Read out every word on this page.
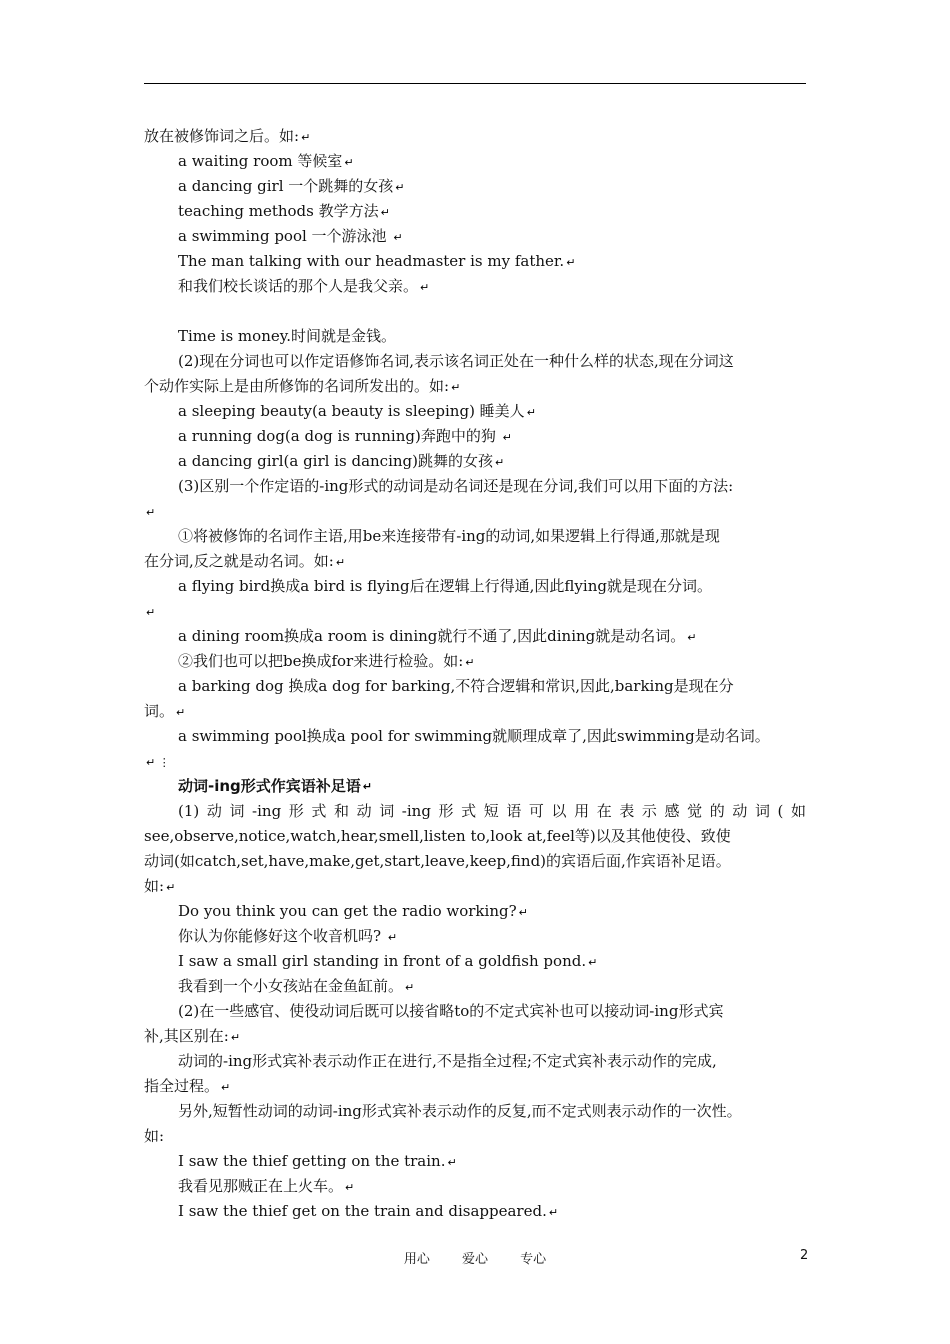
放在被修饰词之后。如: ↵
a waiting room 等候室 ↵
a dancing girl 一个跳舞的女孩 ↵
teaching methods 教学方法 ↵
a swimming pool 一个游泳池 ↵
The man talking with our headmaster is my father. ↵
和我们校长谈话的那个人是我父亲。 ↵
Time is money.时间就是金钱。
(2)现在分词也可以作定语修饰名词,表示该名词正处在一种什么样的状态,现在分词这
个动作实际上是由所修饰的名词所发出的。如: ↵
a sleeping beauty(a beauty is sleeping) 睡美人 ↵
a running dog(a dog is running)奔跑中的狗 ↵
a dancing girl(a girl is dancing)跳舞的女孩 ↵
(3)区别一个作定语的-ing形式的动词是动名词还是现在分词,我们可以用下面的方法:
↵
①将被修饰的名词作主语,用be来连接带有-ing的动词,如果逻辑上行得通,那就是现
在分词,反之就是动名词。如: ↵
a flying bird换成a bird is flying后在逻辑上行得通,因此flying就是现在分词。
↵
a dining room换成a room is dining就行不通了,因此dining就是动名词。 ↵
②我们也可以把be换成for来进行检验。如: ↵
a barking dog 换成a dog for barking,不符合逻辑和常识,因此,barking是现在分
词。 ↵
a swimming pool换成a pool for swimming就顺理成章了,因此swimming是动名词。
↵ ⋮
动词-ing形式作宾语补足语 ↵
(1)动词-ing形式和动词-ing形式短语可以用在表示感觉的动词(如
see,observe,notice,watch,hear,smell,listen to,look at,feel等)以及其他使役、致使
动词(如catch,set,have,make,get,start,leave,keep,find)的宾语后面,作宾语补足语。
如: ↵
Do you think you can get the radio working? ↵
你认为你能修好这个收音机吗? ↵
I saw a small girl standing in front of a goldfish pond. ↵
我看到一个小女孩站在金鱼缸前。 ↵
(2)在一些感官、使役动词后既可以接省略to的不定式宾补也可以接动词-ing形式宾
补,其区别在: ↵
动词的-ing形式宾补表示动作正在进行,不是指全过程;不定式宾补表示动作的完成,
指全过程。 ↵
另外,短暂性动词的动词-ing形式宾补表示动作的反复,而不定式则表示动作的一次性。
如:
I saw the thief getting on the train. ↵
我看见那贼正在上火车。 ↵
I saw the thief get on the train and disappeared. ↵
用心 爱心 专心	2
